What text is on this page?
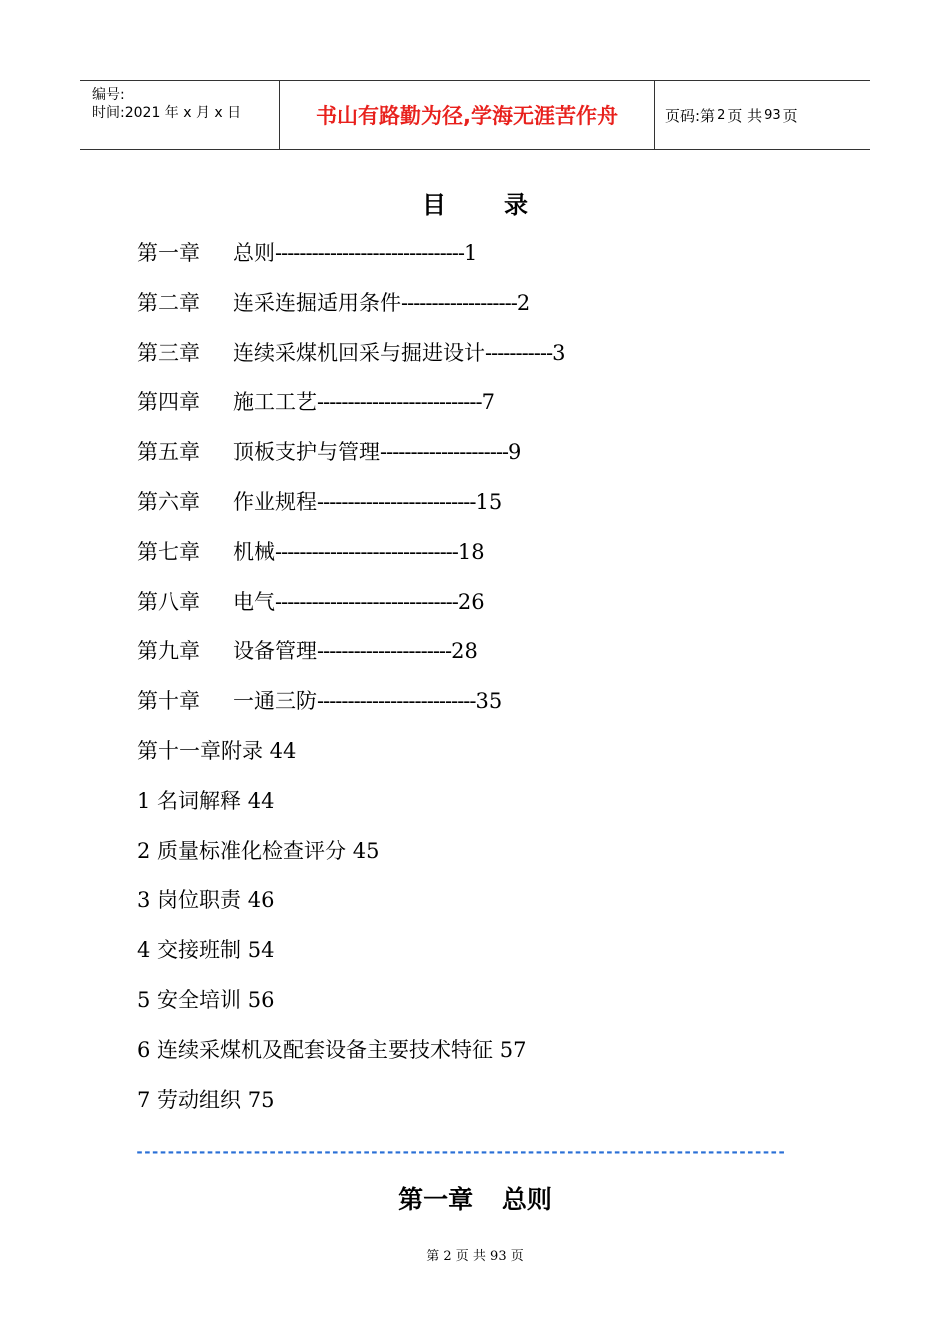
编号:
时间:2021 年 x 月 x 日	书山有路勤为径,学海无涯苦作舟	页码:第 2 页 共 93 页
目录
第一章 总则-------------------------------1
第二章 连采连掘适用条件-------------------2
第三章 连续采煤机回采与掘进设计-----------3
第四章 施工工艺---------------------------7
第五章 顶板支护与管理---------------------9
第六章 作业规程--------------------------15
第七章 机械------------------------------18
第八章 电气------------------------------26
第九章 设备管理----------------------28
第十章 一通三防--------------------------35
第十一章附录 44
1 名词解释 44
2 质量标准化检查评分 45
3 岗位职责 46
4 交接班制 54
5 安全培训 56
6 连续采煤机及配套设备主要技术特征 57
7 劳动组织 75
-----------------------------------------------------------------------------------
第一章 总则
第 2 页 共 93 页
